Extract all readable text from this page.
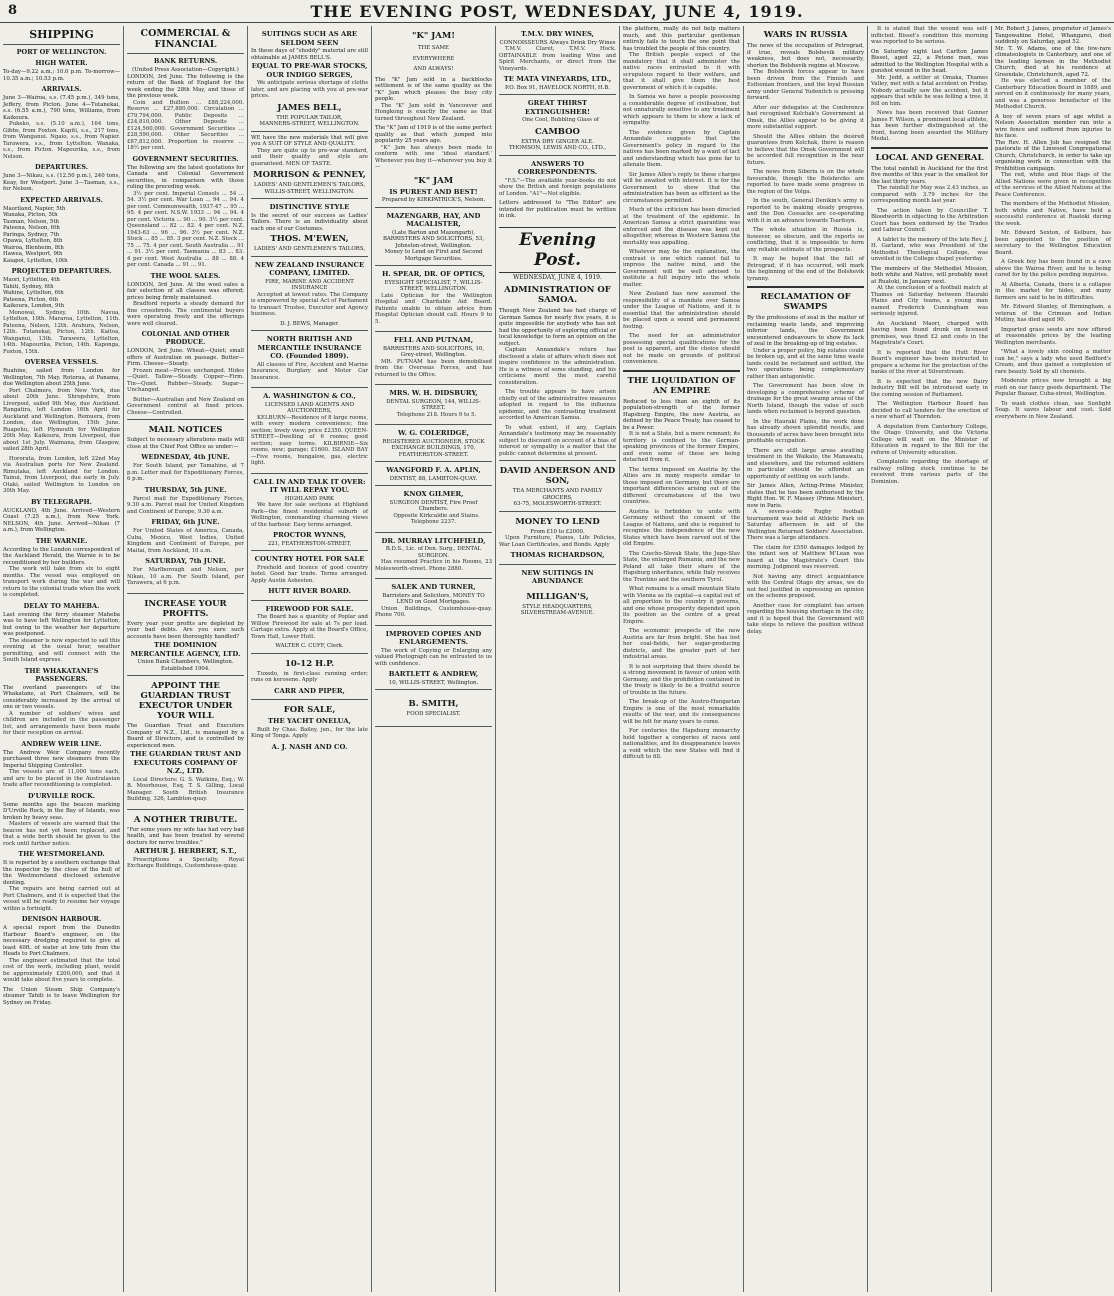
8	THE EVENING POST, WEDNESDAY, JUNE 4, 1919.
SHIPPING
PORT OF WELLINGTON.
HIGH WATER.
To-day—9.22 a.m.; 10.0 p.m. To-morrow—10.35 a.m.; 10.53 p.m.
ARRIVALS.
June 3—Wairoa, s.s. (7.45 p.m.), 349 tons, Jeffery, from Picton. June 4—Tutanekai, s.s. (6.55 a.m.), 790 tons, Williams, from Kaikoura.

Pukeko, s.s. (5.10 a.m.), 164 tons, Gibbs, from Foxton. Kapiti, s.s., 217 tons, from Wanganui. Ngaio, s.s., from Napier. Tarawera, s.s., from Lyttelton. Wanaka, s.s., from Picton. Mapourika, s.s., from Nelson.

DEPARTURES.
June 3—Nikau, s.s. (12.50 p.m.), 240 tons, Keay, for Westport. June 3—Tasman, s.s., for Nelson.
EXPECTED ARRIVALS.
Maoriland, Napier, 5th
Wanaka, Picton, 5th
Tasman, Nelson, 5th
Pateena, Nelson, 6th
Paringa, Sydney, 7th
Opawa, Lyttelton, 8th
Wairoa, Blenheim, 8th
Hawea, Westport, 9th
Kaiapoi, Lyttelton, 10th
PROJECTED DEPARTURES.
Maori, Lyttelton, 4th
Tahiti, Sydney, 6th
Wahine, Lyttelton, 6th
Pateena, Picton, 6th
Kaikoura, London, 9th

Monowai, Sydney, 10th. Navua, Lyttelton, 10th. Mararoa, Lyttelton, 11th. Pateena, Nelson, 12th. Arahura, Nelson, 12th. Tutanekai, Picton, 12th. Kaitoa, Wanganui, 13th. Tarawera, Lyttelton, 14th. Mapourika, Picton, 14th. Kaponga, Foxton, 15th.

OVERSEA VESSELS.
Ruahine, sailed from London for Wellington, 7th May. Rotorua, at Panama, due Wellington about 25th June.

Port Chalmers, from New York, due about 20th June. Shropshire, from Liverpool, sailed 9th May, due Auckland. Rangatira, left London 16th April for Auckland and Wellington. Remuera, from London, due Wellington, 15th June. Ruapehu, left Plymouth for Wellington 20th May. Kaikoura, from Liverpool, due about 1st July. Waimana, from Glasgow, sailed 28th April.

Hororata, from London, left 22nd May via Australian ports for New Zealand. Rimutaka, left Auckland for London. Tainui, from Liverpool, due early in July. Otaki, sailed Wellington to London on 30th May.

BY TELEGRAPH.
AUCKLAND, 4th June. Arrived—Western Coast (7.25 a.m.), from New York. NELSON, 4th June. Arrived—Nikau (7 a.m.), from Wellington.
THE WARNIE.
According to the London correspondent of the Auckland Herald, the Warnie is to be reconditioned by her builders.

The work will take from six to eight months. The vessel was employed on transport work during the war and will return to the colonial trade when the work is completed.

DELAY TO MAHEBA.
Last evening the ferry steamer Maheba was to have left Wellington for Lyttelton, but owing to the weather her departure was postponed.

The steamer is now expected to sail this evening at the usual hour, weather permitting, and will connect with the South Island express.

THE WHAKATANE'S PASSENGERS.
The overland passengers of the Whakatane, at Port Chalmers, will be considerably increased by the arrival of one or two vessels.

A number of soldiers' wives and children are included in the passenger list, and arrangements have been made for their reception on arrival.

ANDREW WEIR LINE.
The Andrew Weir Company recently purchased three new steamers from the Imperial Shipping Controller.

The vessels are of 11,000 tons each, and are to be placed in the Australasian trade after reconditioning is completed.

D'URVILLE ROCK.
Some months ago the beacon marking D'Urville Rock, in the Bay of Islands, was broken by heavy seas.

Masters of vessels are warned that the beacon has not yet been replaced, and that a wide berth should be given to the rock until further notice.

THE WESTMORELAND.
It is reported by a southern exchange that the inspector by the close of the hull of the Westmoreland disclosed extensive denting.

The repairs are being carried out at Port Chalmers, and it is expected that the vessel will be ready to resume her voyage within a fortnight.

DENISON HARBOUR.
A special report from the Dunedin Harbour Board's engineer, on the necessary dredging required to give at least 40ft. of water at low tide from the Heads to Port Chalmers.

The engineer estimated that the total cost of the work, including plant, would be approximately £200,000, and that it would take about five years to complete.

The Union Steam Ship Company's steamer Tahiti is to leave Wellington for Sydney on Friday.
COMMERCIAL & FINANCIAL
BANK RETURNS.
(United Press Association—Copyright.)
LONDON, 3rd June. The following is the return of the Bank of England for the week ending the 28th May, and those of the previous week.

Coin and Bullion ... £88,224,000. Reserve ... £27,880,000. Circulation ... £79,794,000. Public Deposits ... £24,810,000. Other Deposits ... £124,560,000. Government Securities ... £28,590,000. Other Securities ... £87,812,000. Proportion to reserve ... 18½ per cent.

GOVERNMENT SECURITIES.
The following are the latest quotations for Canada and Colonial Government securities, in comparison with those ruling the preceding week.

3½ per cent. Imperial Consols ... 54 ... 54. 3½ per cent. War Loan ... 94 ... 94. 4 per cent. Commonwealth, 1937-47 ... 95 ... 95. 4 per cent. N.S.W. 1933 ... 94 ... 94. 4 per cent. Victoria ... 90 ... 90. 3½ per cent. Queensland ... 82 ... 82. 4 per cent. N.Z. 1943-63 ... 96 ... 96. 3½ per cent. N.Z. Stock ... 85 ... 85. 3 per cent. N.Z. Stock ... 75 ... 75. 4 per cent. South Australia ... 91 ... 91. 3½ per cent. Tasmania ... 83 ... 83. 4 per cent. West Australia ... 88 ... 88. 4 per cent. Canada ... 91 ... 91.

THE WOOL SALES.
LONDON, 3rd June. At the wool sales a fair selection of all classes was offered; prices being firmly maintained.

Bradford reports a steady demand for fine crossbreds. The continental buyers were operating freely and the offerings were well cleared.

COLONIAL AND OTHER PRODUCE.
LONDON, 3rd June. Wheat—Quiet; small offers of Australian on passage. Butter—Firm. Cheese—Steady.

Frozen meat—Prices unchanged. Hides—Quiet. Tallow—Steady. Copper—Firm. Tin—Quiet. Rubber—Steady. Sugar—Unchanged.

Butter—Australian and New Zealand on Government control at fixed prices. Cheese—Controlled.

MAIL NOTICES
Subject to necessary alterations mails will close at the Chief Post Office as under:—
WEDNESDAY, 4th JUNE.

For South Island, per Tamahine, at 7 p.m. Letter mail for Expeditionary Forces, 6 p.m.

THURSDAY, 5th JUNE.

Parcel mail for Expeditionary Forces, 9.30 a.m. Parcel mail for United Kingdom and Continent of Europe, 9.30 a.m.

FRIDAY, 6th JUNE.

For United States of America, Canada, Cuba, Mexico, West Indies, United Kingdom and Continent of Europe, per Maitai, from Auckland, 10 a.m.

SATURDAY, 7th JUNE.

For Marlborough and Nelson, per Nikau, 10 a.m. For South Island, per Tarawera, at 6 p.m.

INCREASE YOUR PROFITS.
Every year your profits are depleted by your bad debts. Are you sure such accounts have been thoroughly handled?
THE DOMINION MERCANTILE AGENCY, LTD.
Union Bank Chambers, Wellington. Established 1904.
APPOINT THE GUARDIAN TRUST EXECUTOR UNDER YOUR WILL
The Guardian Trust and Executors Company of N.Z., Ltd., is managed by a Board of Directors, and is controlled by experienced men.
THE GUARDIAN TRUST AND EXECUTORS COMPANY OF N.Z., LTD.

Local Directors: G. S. Watkins, Esq.; W. B. Moorhouse, Esq. T. S. Gilling, Local Manager. South British Insurance Building, 326, Lambton-quay.

A NOTHER TRIBUTE.
"For some years my wife has had very bad health, and has been treated by several doctors for nerve troubles."
ARTHUR J. HERBERT, S.T.,

Prescriptions a Specialty, Royal Exchange Buildings, Customhouse-quay.

SUITINGS SUCH AS ARE SELDOM SEEN
In these days of "shoddy" material are still obtainable at JAMES BELL'S.
EQUAL TO PRE-WAR STOCKS, OUR INDIGO SERGES,

We anticipate serious shortage of cloths later, and are placing with you at pre-war prices.

JAMES BELL,
THE POPULAR TAILOR,
MANNERS-STREET, WELLINGTON.
WE have the new materials that will give you A SUIT OF STYLE AND QUALITY.

They are quite up to pre-war standard, and their quality and style are guaranteed. MEN OF TASTE.

MORRISON & PENNEY,
LADIES' AND GENTLEMEN'S TAILORS,
WILLIS-STREET, WELLINGTON.
DISTINCTIVE STYLE
Is the secret of our success as Ladies' Tailors. There is an individuality about each one of our Costumes.
THOS. M'EWEN,
LADIES' AND GENTLEMEN'S TAILORS,
NEW ZEALAND INSURANCE COMPANY, LIMITED.
FIRE, MARINE AND ACCIDENT INSURANCE

Accepted at lowest rates. The Company is empowered by special Act of Parliament to transact Trustee, Executor and Agency business.

D. J. BEWS, Manager.
NORTH BRITISH AND MERCANTILE INSURANCE CO. (Founded 1809).

All classes of Fire, Accident and Marine Insurance, Burglary and Motor Car Insurance.

A. WASHINGTON & CO.,
LICENSED LAND AGENTS AND AUCTIONEERS,

KELBURN—Residence of 8 large rooms, with every modern convenience; fine section; lovely view; price £2350. QUEEN-STREET—Dwelling of 6 rooms; good section; easy terms. KILBIRNIE—Six rooms, new; garage; £1600. ISLAND BAY—Five rooms, bungalow, gas, electric light.

CALL IN AND TALK IT OVER: IT WILL REPAY YOU.
HIGHLAND PARK

We have for sale sections at Highland Park—the finest residential suburb of Wellington, commanding charming views of the harbour. Easy terms arranged.

PROCTOR WYNNS,
221, FEATHERSTON-STREET,
COUNTRY HOTEL FOR SALE

Freehold and licence of good country hotel. Good bar trade. Terms arranged. Apply Austin Asbesten.

HUTT RIVER BOARD.
FIREWOOD FOR SALE.

The Board has a quantity of Poplar and Willow Firewood for sale at 7s per load. Cartage extra. Apply at the Board's Office, Town Hall, Lower Hutt.

WALTER C. CUFF, Clerk.
10-12 H.P.

Tuxedo, in first-class running order; runs on kerosene. Apply

CARR AND PIPER,
FOR SALE,
THE YACHT ONELUA,

Built by Chas. Bailey, jun., for the late King of Tonga. Apply

A. J. NASH AND CO.
"K" JAM!
THE SAME
EVERYWHERE
AND ALWAYS!
The "K" Jam sold in a backblocks settlement is of the same quality as the "K" Jam which pleases the busy city people.

The "K" Jam sold in Vancouver and Hongkong is exactly the same as that turned throughout New Zealand.

The "K" Jam of 1919 is of the same perfect quality as that which jumped into popularity 25 years ago.

"K" Jam has always been made to conform with one 'ideal standard.' Whenever you buy it—wherever you buy it—

"K" JAM
IS PUREST AND BEST!
Prepared by KIRKPATRICK'S, Nelson.
MAZENGARB, HAY, AND MACALISTER,
(Late Barton and Mazengarb), BARRISTERS AND SOLICITORS, 53, Johnston-street, Wellington.
Money to Lend on First and Second Mortgage Securities.
H. SPEAR, DR. OF OPTICS,
EYESIGHT SPECIALIST, 7, WILLIS-STREET, WELLINGTON.

Late Optician for the Wellington Hospital and Charitable Aid Board. Patients unable to obtain advice from Hospital Optician should call. Hours 9 to 5.

FELL AND PUTNAM,
BARRISTERS AND SOLICITORS, 10, Grey-street, Wellington.

MR. PUTNAM has been demobilised from the Overseas Forces, and has returned to the Office.

MRS. W. H. DIDSBURY,
DENTAL SURGEON, 144, WILLIS-STREET.

Telephone 218. Hours 9 to 5.

W. G. COLERIDGE,
REGISTERED AUCTIONEER, STOCK EXCHANGE BUILDINGS, 170, FEATHERSTON-STREET.
WANGFORD F. A. APLIN,
DENTIST, 88, LAMBTON-QUAY.
KNOX GILMER,
SURGEON DENTIST, Fire Proof Chambers.

Opposite Kirkcaldie and Stains. Telephone 2237.

DR. MURRAY LITCHFIELD,
B.D.S., Lic. of Den. Surg., DENTAL SURGEON.

Has resumed Practice in his Rooms, 23 Molesworth-street. Phone 2880.

SALEK AND TURNER,
Barristers and Solicitors, MONEY TO LEND on Good Mortgages.

Union Buildings, Customhouse-quay. Phone 700.

IMPROVED COPIES AND ENLARGEMENTS.

The work of Copying or Enlarging any valued Photograph can be entrusted to us with confidence.

BARTLETT & ANDREW,
10, WILLIS-STREET, Wellington.
B. SMITH,
FOOD SPECIALIST.
T.M.V. DRY WINES,
CONNOISSEURS Always Drink Dry Wines

T.M.V. Claret, T.M.V. Hock. OBTAINABLE from leading Wine and Spirit Merchants, or direct from the Vineyards.

TE MATA VINEYARDS, LTD.,
P.O. Box 91, HAVELOCK NORTH, H.B.
GREAT THIRST EXTINGUISHER!

One Cool, Bubbling Glass of

CAMBOO
EXTRA DRY GINGER ALE.
THOMSON, LEWIS AND CO., LTD.,
ANSWERS TO CORRESPONDENTS.

"F.S."—The available year-books do not show the British and foreign populations of London. "A1"—Not eligible.

Letters addressed to "The Editor" are intended for publication must be written in ink.
Evening Post.
WEDNESDAY, JUNE 4, 1919.
ADMINISTRATION OF SAMOA.
Though New Zealand has had charge of German Samoa for nearly five years, it is quite impossible for anybody who has not had the opportunity of exploring official or local knowledge to form an opinion on the subject.

Captain Annandale's return has disclosed a state of affairs which does not inspire confidence in the administration. He is a witness of some standing, and his criticisms merit the most careful consideration.

The trouble appears to have arisen chiefly out of the administrative measures adopted in regard to the influenza epidemic, and the contrasting treatment accorded to American Samoa.

To what extent, if any, Captain Annandale's testimony may be reasonably subject to discount on account of a bias of interest or sympathy is a matter that the public cannot determine at present.

DAVID ANDERSON AND SON,
TEA MERCHANTS AND FAMILY GROCERS,
63-75, MOLESWORTH-STREET.
MONEY TO LEND
From £10 to £2000.

Upon Furniture, Pianos, Life Policies, War Loan Certificates, and Bonds. Apply

THOMAS RICHARDSON,
NEW SUITINGS IN ABUNDANCE
MILLIGAN'S,
STYLE HEADQUARTERS,
SILVERSTREAM-AVENUE.
the platform, really do not help matters much, and this particular gentleman entirely fails to touch the one point that has troubled the people of this country.

The British people expect of the mandatory that it shall administer the native races entrusted to it with scrupulous regard to their welfare, and that it shall give them the best government of which it is capable.

In Samoa we have a people possessing a considerable degree of civilisation, but not unnaturally sensitive to any treatment which appears to them to show a lack of sympathy.

The evidence given by Captain Annandale suggests that the Government's policy in regard to the natives has been marked by a want of tact and understanding which has gone far to alienate them.

Sir James Allen's reply to these charges will be awaited with interest. It is for the Government to show that the administration has been as efficient as the circumstances permitted.

Much of the criticism has been directed at the treatment of the epidemic. In American Samoa a strict quarantine was enforced and the disease was kept out altogether, whereas in Western Samoa the mortality was appalling.

Whatever may be the explanation, the contrast is one which cannot fail to impress the native mind, and the Government will be well advised to institute a full inquiry into the whole matter.

New Zealand has now assumed the responsibility of a mandate over Samoa under the League of Nations, and it is essential that the administration should be placed upon a sound and permanent footing.

The need for an administrator possessing special qualifications for the post is apparent, and the choice should not be made on grounds of political convenience.

THE LIQUIDATION OF AN EMPIRE
Reduced to less than an eighth of its population-strength of the former Hapsburg Empire, the new Austria, as defined by the Peace Treaty, has ceased to be a Power.

It is not a State, but a mere remnant; its territory is confined to the German-speaking provinces of the former Empire, and even some of these are being detached from it.

The terms imposed on Austria by the Allies are in many respects similar to those imposed on Germany, but there are important differences arising out of the different circumstances of the two countries.

Austria is forbidden to unite with Germany without the consent of the League of Nations, and she is required to recognise the independence of the new States which have been carved out of the old Empire.

The Czecho-Slovak State, the Jugo-Slav State, the enlarged Rumania, and the new Poland all take their share of the Hapsburg inheritance, while Italy receives the Trentino and the southern Tyrol.

What remains is a small mountain State with Vienna as its capital—a capital out of all proportion to the country it governs, and one whose prosperity depended upon its position as the centre of a great Empire.

The economic prospects of the new Austria are far from bright. She has lost her coal-fields, her sugar-producing districts, and the greater part of her industrial areas.

It is not surprising that there should be a strong movement in favour of union with Germany, and the prohibition contained in the treaty is likely to be a fruitful source of trouble in the future.

The break-up of the Austro-Hungarian Empire is one of the most remarkable results of the war, and its consequences will be felt for many years to come.

For centuries the Hapsburg monarchy held together a congeries of races and nationalities, and its disappearance leaves a void which the new States will find it difficult to fill.

WARS IN RUSSIA
The news of the occupation of Petrograd, if true, reveals Bolshevik military weakness, but does not, necessarily, shorten the Bolshevik regime at Moscow.

The Bolshevik forces appear to have been driven from the Finnish and Esthonian frontiers, and the loyal Russian army under General Yudenitch is pressing forward.

After our delegates at the Conference had recognised Kolchak's Government at Omsk, the Allies appear to be giving it more substantial support.

Should the Allies obtain the desired guarantees from Kolchak, there is reason to believe that the Omsk Government will be accorded full recognition in the near future.

The news from Siberia is on the whole favourable, though the Bolsheviks are reported to have made some progress in the region of the Volga.

In the south, General Denikin's army is reported to be making steady progress, and the Don Cossacks are co-operating with it in an advance towards Tsaritsyn.

The whole situation in Russia is, however, so obscure, and the reports so conflicting, that it is impossible to form any reliable estimate of the prospects.

It may be hoped that the fall of Petrograd, if it has occurred, will mark the beginning of the end of the Bolshevik tyranny.

RECLAMATION OF SWAMPS
By the professions of zeal in the matter of reclaiming waste lands, and improving inferior lands, the Government encountered endeavours to show its lack of zeal in the breaking-up of big estates.

Under a proper policy, big estates could be broken up, and at the same time waste lands could be reclaimed and settled, the two operations being complementary rather than antagonistic.

The Government has been slow in developing a comprehensive scheme of drainage for the great swamp areas of the North Island, though the value of such lands when reclaimed is beyond question.

In the Hauraki Plains, the work done has already shown splendid results, and thousands of acres have been brought into profitable occupation.

There are still large areas awaiting treatment in the Waikato, the Manawatu, and elsewhere, and the returned soldiers in particular should be afforded an opportunity of settling on such lands.

Sir James Allen, Acting-Prime Minister, states that he has been authorised by the Right Hon. W. F. Massey (Prime Minister), now in Paris.

A seven-a-side Rugby football tournament was held at Athletic Park on Saturday afternoon in aid of the Wellington Returned Soldiers' Association. There was a large attendance.

The claim for £550 damages lodged by the infant son of Matthew M'Lean was heard at the Magistrate's Court this morning. Judgment was reserved.

Not having any direct acquaintance with the Central Otago dry areas, we do not feel justified in expressing an opinion on the scheme proposed.

Another case for complaint has arisen regarding the housing shortage in the city, and it is hoped that the Government will take steps to relieve the position without delay.

It is stated that the wound was self-inflicted. Bisset's condition this morning was reported to be serious.

On Saturday night last Carlton James Bisset, aged 22, a Petone man, was admitted to the Wellington Hospital with a gunshot wound in the head.

Mr. Jedd, a settler at Omaka, Thames Valley, met with a fatal accident on Friday. Nobody actually saw the accident, but it appears that while he was felling a tree, it fell on him.

News has been received that Gunner James F. Wilson, a prominent local athlete, has been further distinguished at the front, having been awarded the Military Medal.

LOCAL AND GENERAL
The total rainfall in Auckland for the first five months of this year is the smallest for the last thirty years.

The rainfall for May was 2.43 inches, as compared with 3.79 inches for the corresponding month last year.

The action taken by Councillor T. Bloodworth in objecting to the Arbitration Court has been endorsed by the Trades and Labour Council.

A tablet to the memory of the late Rev. J. H. Garland, who was President of the Methodist Theological College, was unveiled in the College chapel yesterday.

The members of the Methodist Mission, both white and Native, will probably meet at Ruatoki, in January next.

At the conclusion of a football match at Thames on Saturday between Hauraki Plains and City teams, a young man named Frederick Cunningham was seriously injured.

An Auckland Maori, charged with having been found drunk on licensed premises, was fined £2 and costs in the Magistrate's Court.

It is reported that the Hutt River Board's engineer has been instructed to prepare a scheme for the protection of the banks of the river at Silverstream.

It is expected that the new Dairy Industry Bill will be introduced early in the coming session of Parliament.

The Wellington Harbour Board has decided to call tenders for the erection of a new wharf at Thorndon.

A deputation from Canterbury College, the Otago University, and the Victoria College will wait on the Minister of Education in regard to the Bill for the reform of University education.

Complaints regarding the shortage of railway rolling stock continue to be received from various parts of the Dominion.

Mr. Robert J. James, proprietor of James's Tangowahine Hotel, Whangarei, died suddenly on Saturday, aged 52.
Mr. T. W. Adams, one of the few-rare climateologists in Canterbury, and one of the leading laymen in the Methodist Church, died at his residence at Greendale, Christchurch, aged 72.

He was elected a member of the Canterbury Education Board in 1889, and served on it continuously for many years, and was a generous benefactor of the Methodist Church.

A boy of seven years of age whilst a Nelson Association member ran into a wire fence and suffered from injuries to his face.
The Rev. H. Allen Job has resigned the pastorate of the Linwood Congregational Church, Christchurch, in order to take up organising work in connection with the Prohibition campaign.

The red, white and blue flags of the Allied Nations were given in recognition of the services of the Allied Nations at the Peace Conference.

The members of the Methodist Mission, both white and Native, have held a successful conference at Ruatoki during the week.

Mr. Edward Sexton, of Kelburn, has been appointed to the position of secretary to the Wellington Education Board.

A Greek boy has been found in a cave above the Wairoa River, and he is being cared for by the police pending inquiries.

At Alberta, Canada, there is a collapse in the market for hides, and many farmers are said to be in difficulties.

Mr. Edward Stanley, of Birmingham, a veteran of the Crimean and Indian Mutiny, has died aged 90.

Imported grass seeds are now offered at reasonable prices by the leading Wellington merchants.

"What a lovely skin cooling a matter can be," says a lady who used Bedford's Cream, and thus gained a complexion of rare beauty. Sold by all chemists.

Moderate prices now brought a big rush on our fancy goods department. The Popular Bazaar, Cuba-street, Wellington.

To wash clothes clean, use Sunlight Soap. It saves labour and cost. Sold everywhere in New Zealand.
